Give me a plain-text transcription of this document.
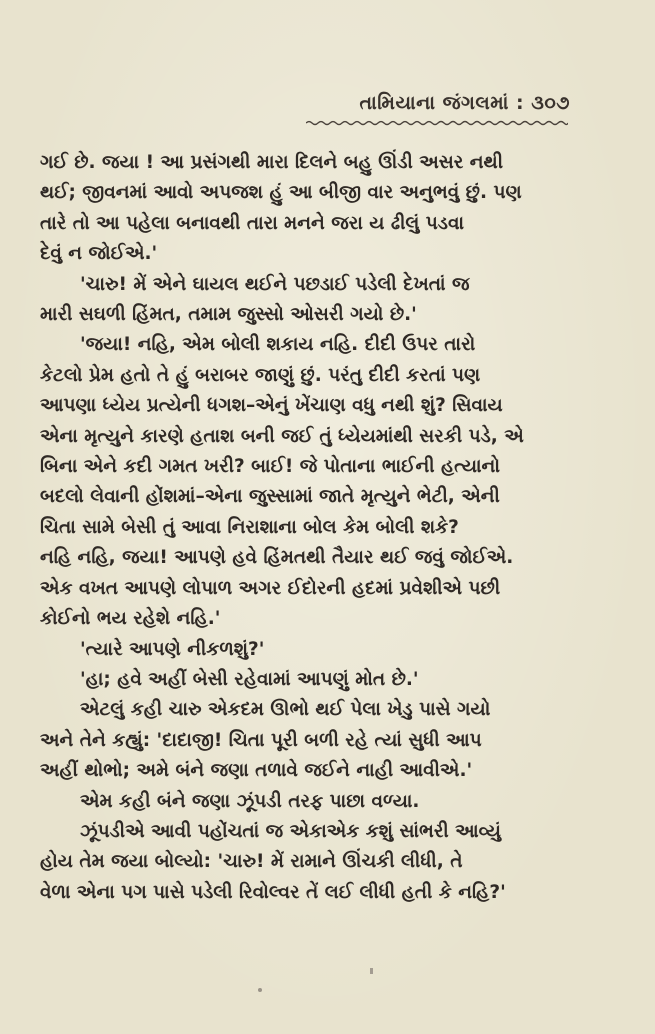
તામિયાના જંગલમાં : ૩૦૭

ગઈ છે. જયા ! આ પ્રસંગથી મારા દિલને બહુ ઊંડી અસર નથી
થઈ; જીવનમાં આવો અપજશ હું આ બીજી વાર અનુભવું છું. પણ
તારે તો આ પહેલા બનાવથી તારા મનને જરા ય ઢીલું પડવા
દેવું ન જોઈએ.'

'ચારુ! મેં એને ઘાયલ થઈને પછડાઈ પડેલી દેખતાં જ

મારી સઘળી હિંમત, તમામ જુસ્સો ઓસરી ગયો છે.'

'જયા! નહિ, એમ બોલી શકાય નહિ. દીદી ઉપર તારો

કેટલો પ્રેમ હતો તે હું બરાબર જાણું છું. પરંતુ દીદી કરતાં પણ
આપણા ધ્યેય પ્રત્યેની ધગશ–એનું ખેંચાણ વધુ નથી શું? સિવાય
એના મૃત્યુને કારણે હતાશ બની જઈ તું ધ્યેયમાંથી સરકી પડે, એ
બિના એને કદી ગમત ખરી? બાઈ! જે પોતાના ભાઈની હત્યાનો
બદલો લેવાની હોંશમાં–એના જુસ્સામાં જાતે મૃત્યુને ભેટી, એની
ચિતા સામે બેસી તું આવા નિરાશાના બોલ કેમ બોલી શકે?
નહિ નહિ, જયા! આપણે હવે હિંમતથી તૈયાર થઈ જવું જોઈએ.
એક વખત આપણે લોપાળ અગર ઈદોરની હદમાં પ્રવેશીએ પછી
કોઈનો ભય રહેશે નહિ.'

'ત્યારે આપણે નીકળશું?'

'હા; હવે અહીં બેસી રહેવામાં આપણું મોત છે.'

એટલું કહી ચારુ એકદમ ઊભો થઈ પેલા ખેડુ પાસે ગયો

અને તેને કહ્યું: 'દાદાજી! ચિતા પૂરી બળી રહે ત્યાં સુધી આપ
અહીં થોભો; અમે બંને જણા તળાવે જઈને નાહી આવીએ.'

એમ કહી બંને જણા ઝૂંપડી તરફ પાછા વળ્યા.

ઝૂંપડીએ આવી પહોંચતાં જ એકાએક કશું સાંભરી આવ્યું

હોય તેમ જયા બોલ્યો: 'ચારુ! મેં રામાને ઊંચકી લીધી, તે
વેળા એના પગ પાસે પડેલી રિવોલ્વર તેં લઈ લીધી હતી કે નહિ?'
